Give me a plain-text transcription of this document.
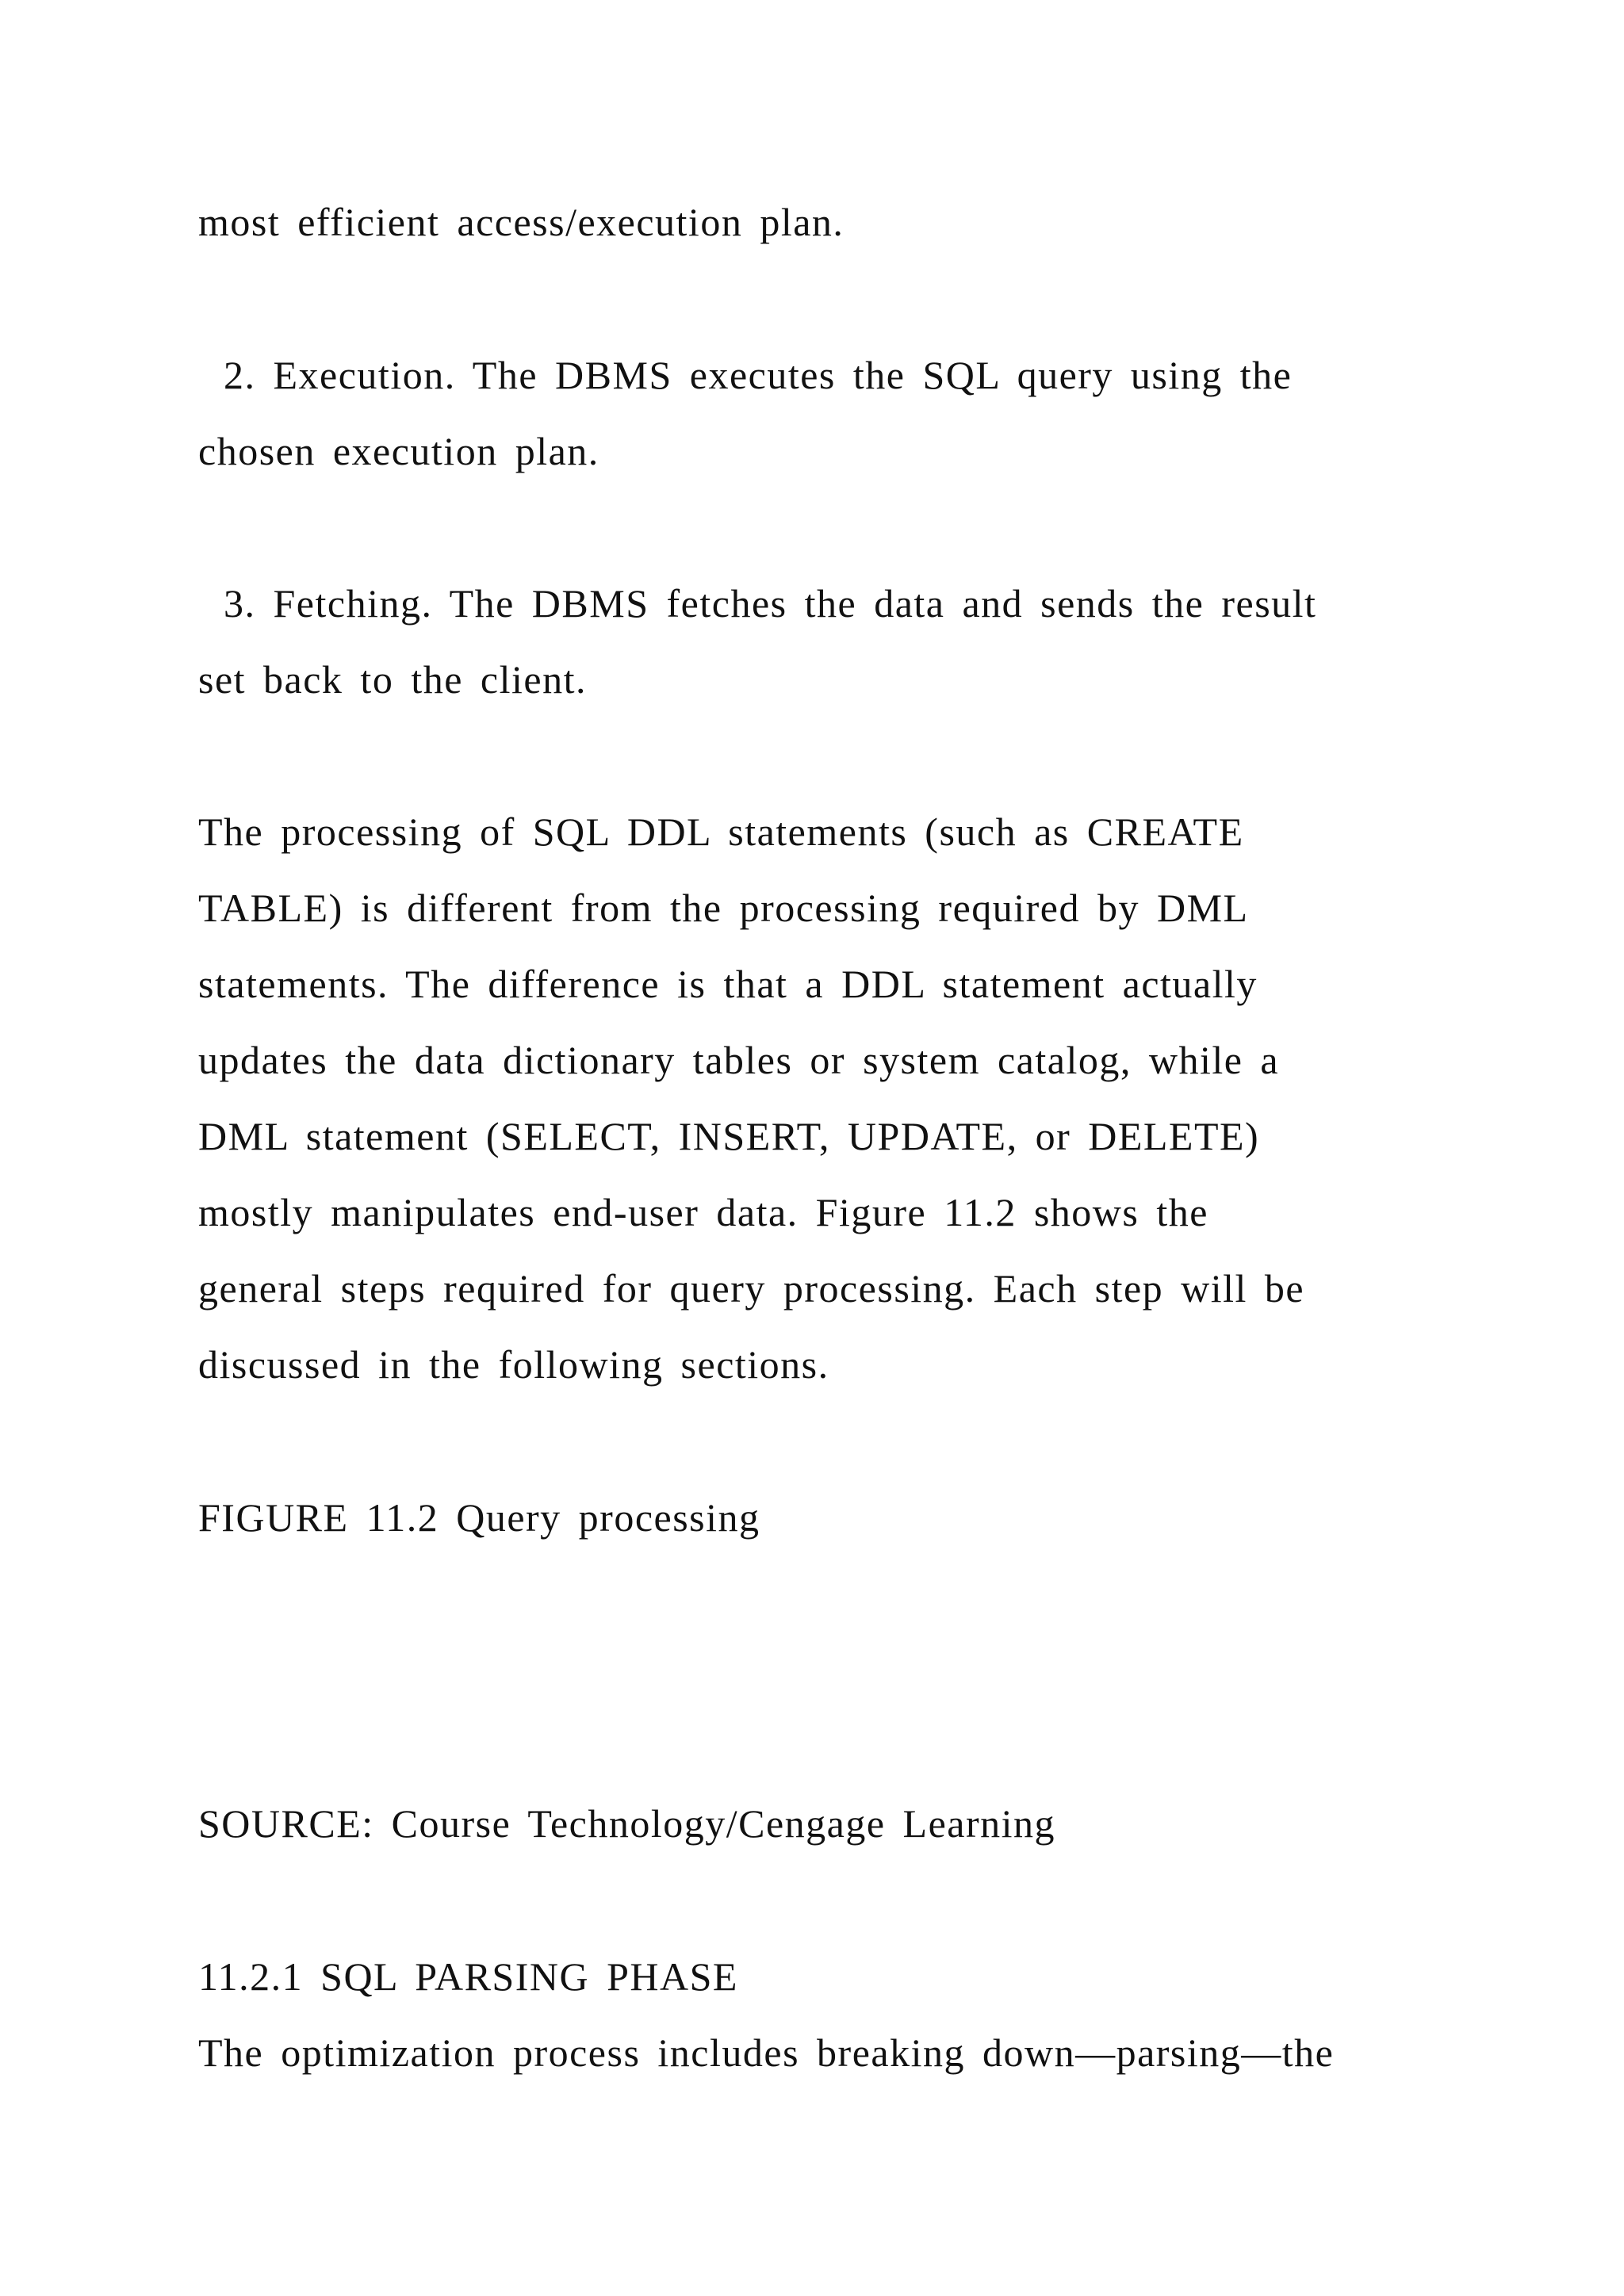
most efficient access/execution plan.
2. Execution. The DBMS executes the SQL query using the
chosen execution plan.
3. Fetching. The DBMS fetches the data and sends the result
set back to the client.
The processing of SQL DDL statements (such as CREATE
TABLE) is different from the processing required by DML
statements. The difference is that a DDL statement actually
updates the data dictionary tables or system catalog, while a
DML statement (SELECT, INSERT, UPDATE, or DELETE)
mostly manipulates end-user data. Figure 11.2 shows the
general steps required for query processing. Each step will be
discussed in the following sections.
FIGURE 11.2 Query processing
SOURCE: Course Technology/Cengage Learning
11.2.1 SQL PARSING PHASE
The optimization process includes breaking down—parsing—the
